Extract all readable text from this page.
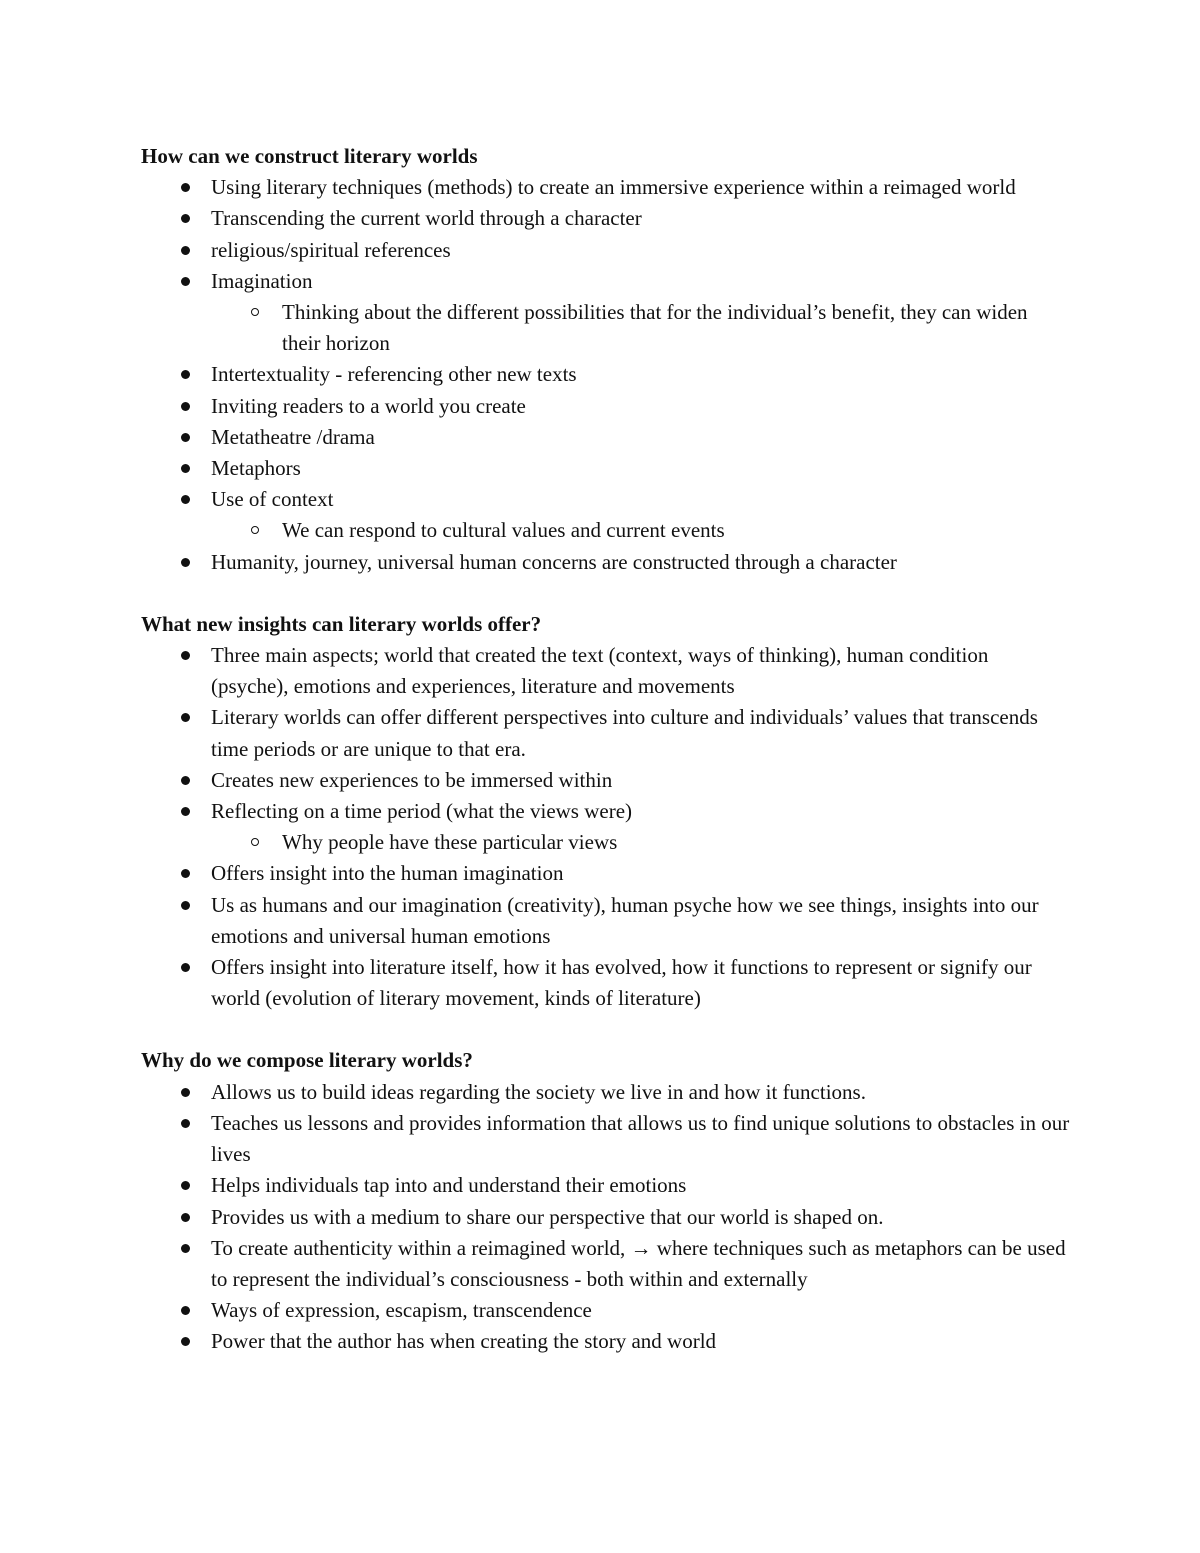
How can we construct literary worlds

Using literary techniques (methods) to create an immersive experience within a reimaged world
Transcending the current world through a character
religious/spiritual references
Imagination
Thinking about the different possibilities that for the individual’s benefit, they can widen their horizon
Intertextuality - referencing other new texts
Inviting readers to a world you create
Metatheatre /drama
Metaphors
Use of context
We can respond to cultural values and current events
Humanity, journey, universal human concerns are constructed through a character

What new insights can literary worlds offer?

Three main aspects; world that created the text (context, ways of thinking), human condition (psyche), emotions and experiences, literature and movements
Literary worlds can offer different perspectives into culture and individuals’ values that transcends time periods or are unique to that era.
Creates new experiences to be immersed within
Reflecting on a time period (what the views were)
Why people have these particular views
Offers insight into the human imagination
Us as humans and our imagination (creativity), human psyche how we see things, insights into our emotions and universal human emotions
Offers insight into literature itself, how it has evolved, how it functions to represent or signify our world (evolution of literary movement, kinds of literature)

Why do we compose literary worlds?

Allows us to build ideas regarding the society we live in and how it functions.
Teaches us lessons and provides information that allows us to find unique solutions to obstacles in our lives
Helps individuals tap into and understand their emotions
Provides us with a medium to share our perspective that our world is shaped on.
To create authenticity within a reimagined world, → where techniques such as metaphors can be used to represent the individual’s consciousness - both within and externally
Ways of expression, escapism, transcendence
Power that the author has when creating the story and world
